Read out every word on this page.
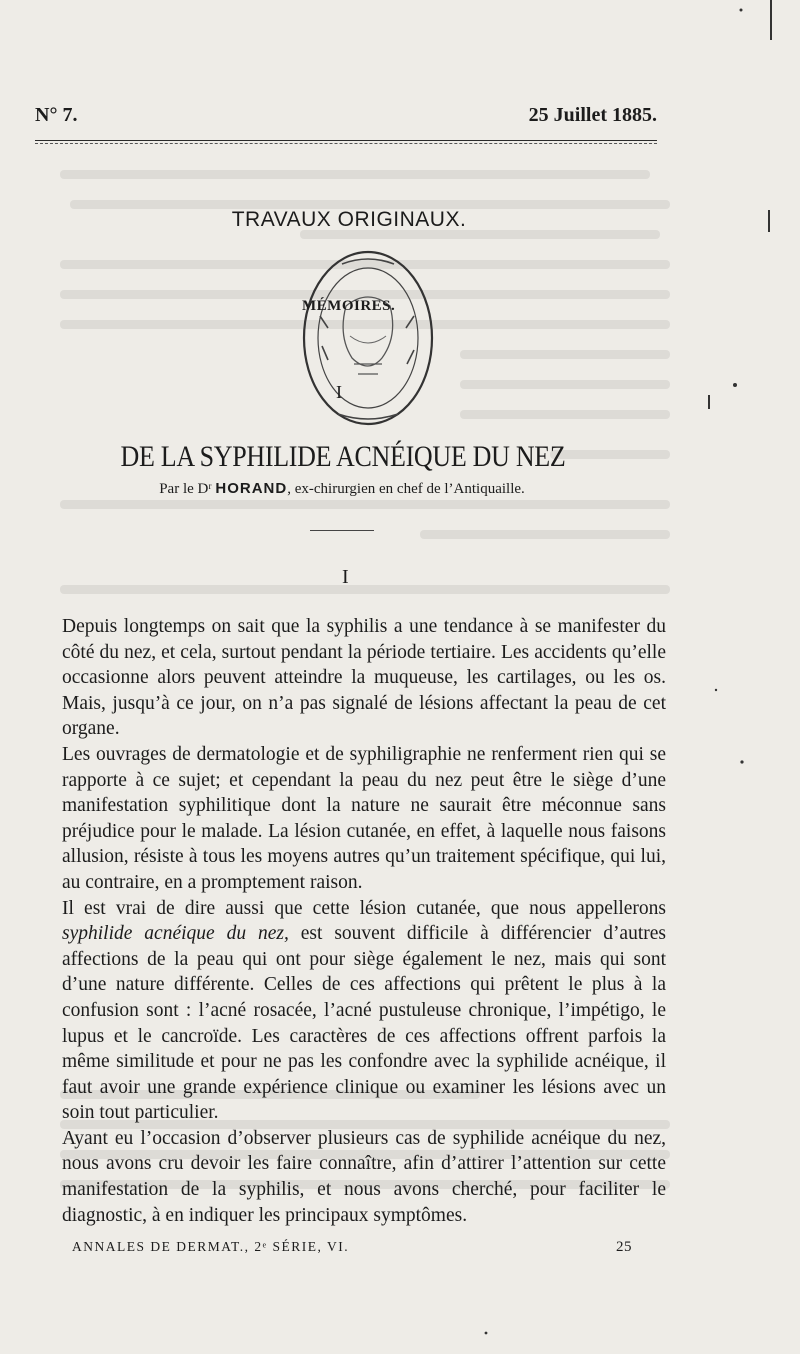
N° 7.	25 Juillet 1885.
TRAVAUX ORIGINAUX.
MÉMOIRES.
I
DE LA SYPHILIDE ACNÉIQUE DU NEZ
Par le Dʳ HORAND, ex-chirurgien en chef de l’Antiquaille.
I

Depuis longtemps on sait que la syphilis a une tendance à se manifester du côté du nez, et cela, surtout pendant la période tertiaire. Les accidents qu’elle occasionne alors peuvent atteindre la muqueuse, les cartilages, ou les os. Mais, jusqu’à ce jour, on n’a pas signalé de lésions affectant la peau de cet organe.

Les ouvrages de dermatologie et de syphiligraphie ne renferment rien qui se rapporte à ce sujet; et cependant la peau du nez peut être le siège d’une manifestation syphilitique dont la nature ne saurait être méconnue sans préjudice pour le malade. La lésion cutanée, en effet, à laquelle nous faisons allusion, résiste à tous les moyens autres qu’un traitement spécifique, qui lui, au contraire, en a promptement raison.

Il est vrai de dire aussi que cette lésion cutanée, que nous appellerons syphilide acnéique du nez, est souvent difficile à différencier d’autres affections de la peau qui ont pour siège également le nez, mais qui sont d’une nature différente. Celles de ces affections qui prêtent le plus à la confusion sont : l’acné rosacée, l’acné pustuleuse chronique, l’impétigo, le lupus et le cancroïde. Les caractères de ces affections offrent parfois la même similitude et pour ne pas les confondre avec la syphilide acnéique, il faut avoir une grande expérience clinique ou examiner les lésions avec un soin tout particulier.

Ayant eu l’occasion d’observer plusieurs cas de syphilide acnéique du nez, nous avons cru devoir les faire connaître, afin d’attirer l’attention sur cette manifestation de la syphilis, et nous avons cherché, pour faciliter le diagnostic, à en indiquer les principaux symptômes.

ANNALES DE DERMAT., 2ᵉ SÉRIE, VI.	25
